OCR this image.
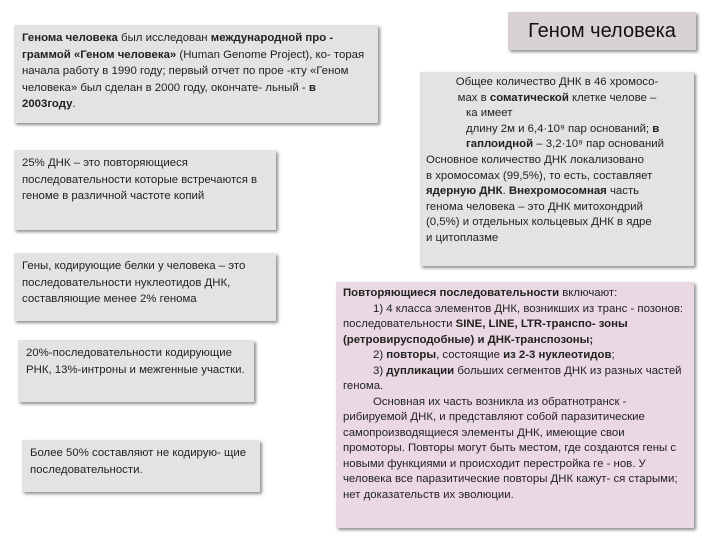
Геном человека
Генома человека был исследован международной про - граммой «Геном человека» (Human Genome Project), ко- торая начала работу в 1990 году; первый отчет по прое -кту «Геном человека» был сделан в 2000 году, окончате- льный - в 2003году.
25% ДНК – это повторяющиеся последовательности которые встречаются в геноме в различной частоте копий
Гены, кодирующие белки у человека – это последовательности нуклеотидов ДНК, составляющие менее 2% генома
20%-последовательности кодирующие РНК, 13%-интроны и межгенные участки.
Более 50% составляют не кодирую- щие последовательности.
Общее количество ДНК в 46 хромосо-
мах в соматической клетке челове –
ка имеет
длину 2м и 6,4·10⁹ пар оснований; в
гаплоидной – 3,2·10⁹ пар оснований
Основное количество ДНК локализовано
в хромосомах (99,5%), то есть, составляет
ядерную ДНК. Внехромосомная часть
генома человека – это ДНК митохондрий
(0,5%) и отдельных кольцевых ДНК в ядре
и цитоплазме
Повторяющиеся последовательности включают:
1) 4 класса элементов ДНК, возникших из транс - позонов: последовательности SINE, LINE, LTR-транспо- зоны (ретровирусподобные) и ДНК-транспозоны;
2) повторы, состоящие из 2-3 нуклеотидов;
3) дупликации больших сегментов ДНК из разных частей генома.
Основная их часть возникла из обратнотранск - рибируемой ДНК, и представляют собой паразитические самопроизводящиеся элементы ДНК, имеющие свои промоторы. Повторы могут быть местом, где создаются гены с новыми функциями и происходит перестройка ге - нов. У человека все паразитические повторы ДНК кажут- ся старыми; нет доказательств их эволюции.
